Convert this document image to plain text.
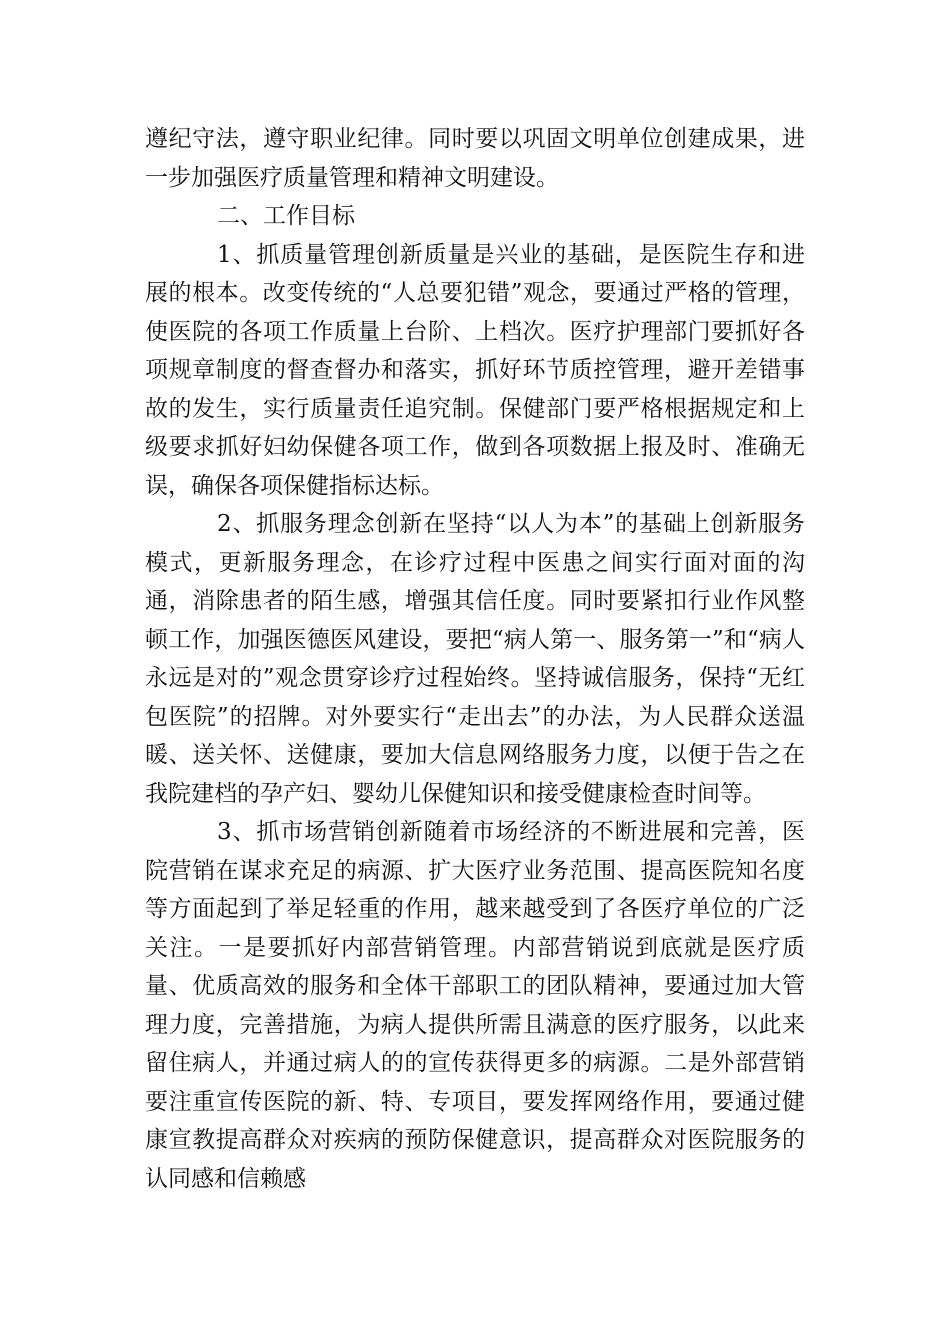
遵纪守法，遵守职业纪律。同时要以巩固文明单位创建成果，进一步加强医疗质量管理和精神文明建设。

二、工作目标

1、抓质量管理创新质量是兴业的基础，是医院生存和进展的根本。改变传统的“人总要犯错”观念，要通过严格的管理，使医院的各项工作质量上台阶、上档次。医疗护理部门要抓好各项规章制度的督查督办和落实，抓好环节质控管理，避开差错事故的发生，实行质量责任追究制。保健部门要严格根据规定和上级要求抓好妇幼保健各项工作，做到各项数据上报及时、准确无误，确保各项保健指标达标。

2、抓服务理念创新在坚持“以人为本”的基础上创新服务模式，更新服务理念，在诊疗过程中医患之间实行面对面的沟通，消除患者的陌生感，增强其信任度。同时要紧扣行业作风整顿工作，加强医德医风建设，要把“病人第一、服务第一”和“病人永远是对的”观念贯穿诊疗过程始终。坚持诚信服务，保持“无红包医院”的招牌。对外要实行“走出去”的办法，为人民群众送温暖、送关怀、送健康，要加大信息网络服务力度，以便于告之在我院建档的孕产妇、婴幼儿保健知识和接受健康检查时间等。

3、抓市场营销创新随着市场经济的不断进展和完善，医院营销在谋求充足的病源、扩大医疗业务范围、提高医院知名度等方面起到了举足轻重的作用，越来越受到了各医疗单位的广泛关注。一是要抓好内部营销管理。内部营销说到底就是医疗质量、优质高效的服务和全体干部职工的团队精神，要通过加大管理力度，完善措施，为病人提供所需且满意的医疗服务，以此来留住病人，并通过病人的的宣传获得更多的病源。二是外部营销要注重宣传医院的新、特、专项目，要发挥网络作用，要通过健康宣教提高群众对疾病的预防保健意识，提高群众对医院服务的认同感和信赖感
